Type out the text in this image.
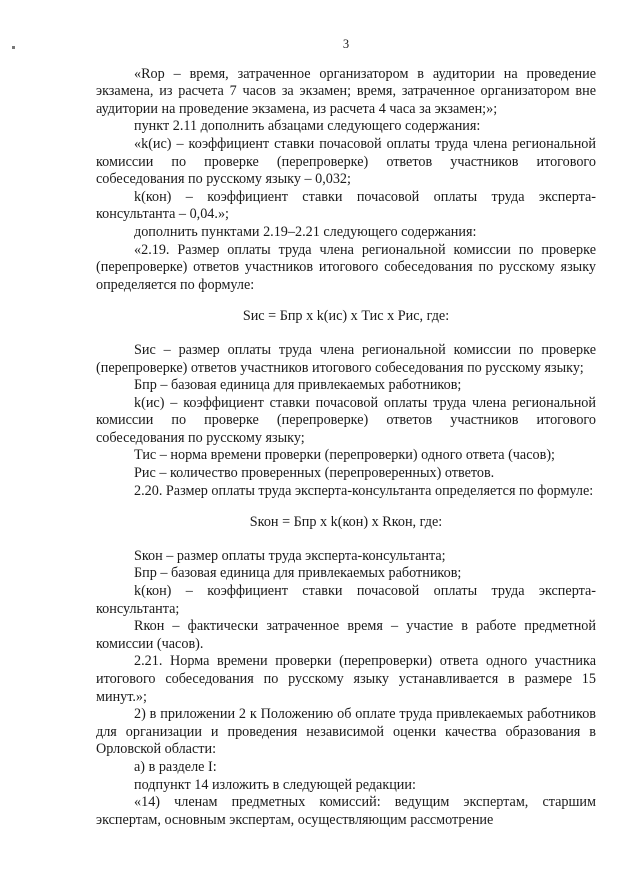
3

«Rор – время, затраченное организатором в аудитории на проведение экзамена, из расчета 7 часов за экзамен; время, затраченное организатором вне аудитории на проведение экзамена, из расчета 4 часа за экзамен;»;

пункт 2.11 дополнить абзацами следующего содержания:

«k(ис) – коэффициент ставки почасовой оплаты труда члена региональной комиссии по проверке (перепроверке) ответов участников итогового собеседования по русскому языку – 0,032;

k(кон) – коэффициент ставки почасовой оплаты труда эксперта-консультанта – 0,04.»;

дополнить пунктами 2.19–2.21 следующего содержания:

«2.19. Размер оплаты труда члена региональной комиссии по проверке (перепроверке) ответов участников итогового собеседования по русскому языку определяется по формуле:

Sис = Бпр x k(ис) x Тис x Рис, где:

Sис – размер оплаты труда члена региональной комиссии по проверке (перепроверке) ответов участников итогового собеседования по русскому языку;

Бпр – базовая единица для привлекаемых работников;

k(ис) – коэффициент ставки почасовой оплаты труда члена региональной комиссии по проверке (перепроверке) ответов участников итогового собеседования по русскому языку;

Тис – норма времени проверки (перепроверки) одного ответа (часов);

Рис – количество проверенных (перепроверенных) ответов.

2.20. Размер оплаты труда эксперта-консультанта определяется по формуле:

Sкон = Бпр x k(кон) x Rкон, где:

Sкон – размер оплаты труда эксперта-консультанта;

Бпр – базовая единица для привлекаемых работников;

k(кон) – коэффициент ставки почасовой оплаты труда эксперта-консультанта;

Rкон – фактически затраченное время – участие в работе предметной комиссии (часов).

2.21. Норма времени проверки (перепроверки) ответа одного участника итогового собеседования по русскому языку устанавливается в размере 15 минут.»;

2) в приложении 2 к Положению об оплате труда привлекаемых работников для организации и проведения независимой оценки качества образования в Орловской области:

а) в разделе I:

подпункт 14 изложить в следующей редакции:

«14) членам предметных комиссий: ведущим экспертам, старшим экспертам, основным экспертам, осуществляющим рассмотрение
